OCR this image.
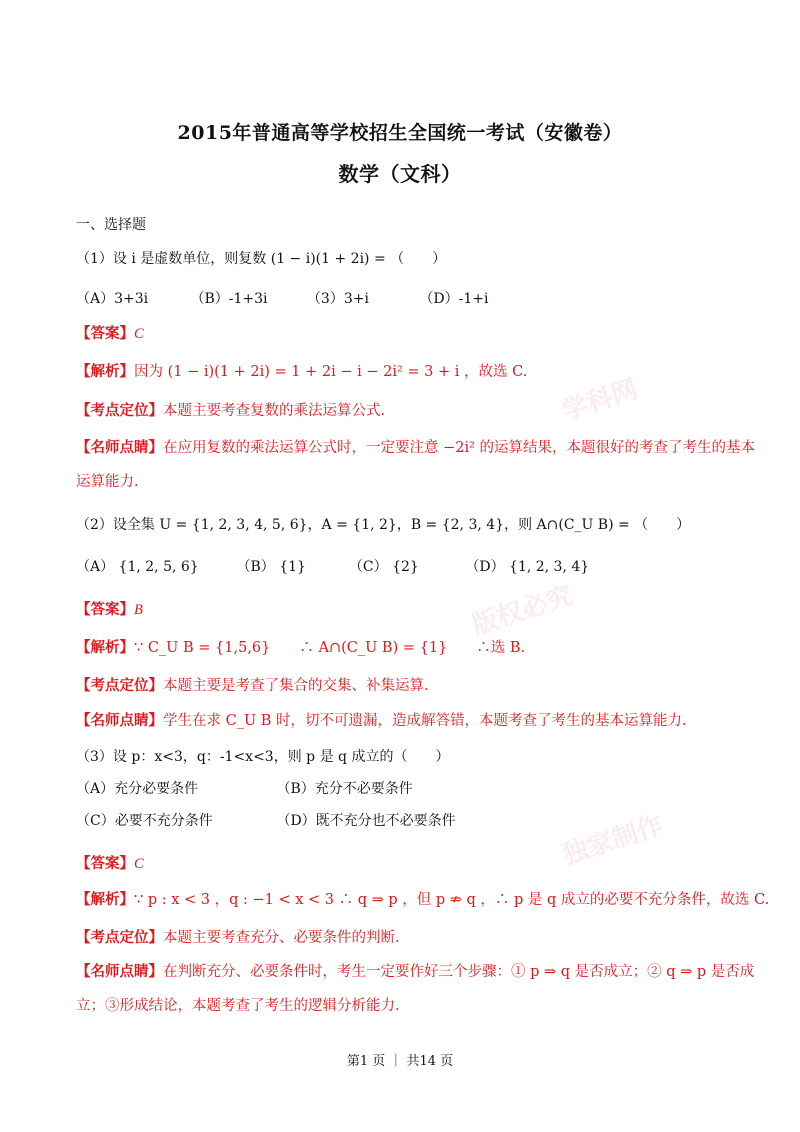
学科网
版权必究
独家制作
2015年普通高等学校招生全国统一考试（安徽卷）
数学（文科）
一、选择题
（1）设 i 是虚数单位，则复数 (1 − i)(1 + 2i) = （　　）
（A）3+3i	（B）-1+3i	（3）3+i	（D）-1+i
【答案】C
【解析】因为 (1 − i)(1 + 2i) = 1 + 2i − i − 2i² = 3 + i ，故选 C.
【考点定位】本题主要考查复数的乘法运算公式.
【名师点睛】在应用复数的乘法运算公式时，一定要注意 −2i² 的运算结果，本题很好的考查了考生的基本
运算能力.
（2）设全集 U = {1, 2, 3, 4, 5, 6}，A = {1, 2}，B = {2, 3, 4}，则 A∩(C_U B) = （　　）
（A） {1, 2, 5, 6}	（B） {1}	（C） {2}	（D） {1, 2, 3, 4}
【答案】B
【解析】∵ C_U B = {1,5,6}　　∴ A∩(C_U B) = {1}　　∴选 B.
【考点定位】本题主要是考查了集合的交集、补集运算.
【名师点睛】学生在求 C_U B 时，切不可遗漏，造成解答错，本题考查了考生的基本运算能力.
（3）设 p：x<3，q：-1<x<3，则 p 是 q 成立的（　　）
（A）充分必要条件	（B）充分不必要条件
（C）必要不充分条件	（D）既不充分也不必要条件
【答案】C
【解析】∵ p : x < 3 ，q : −1 < x < 3 ∴ q ⇒ p ，但 p ⇏ q ，∴ p 是 q 成立的必要不充分条件，故选 C.
【考点定位】本题主要考查充分、必要条件的判断.
【名师点睛】在判断充分、必要条件时，考生一定要作好三个步骤：① p ⇒ q 是否成立；② q ⇒ p 是否成
立；③形成结论，本题考查了考生的逻辑分析能力.
第1 页 ｜ 共14 页
